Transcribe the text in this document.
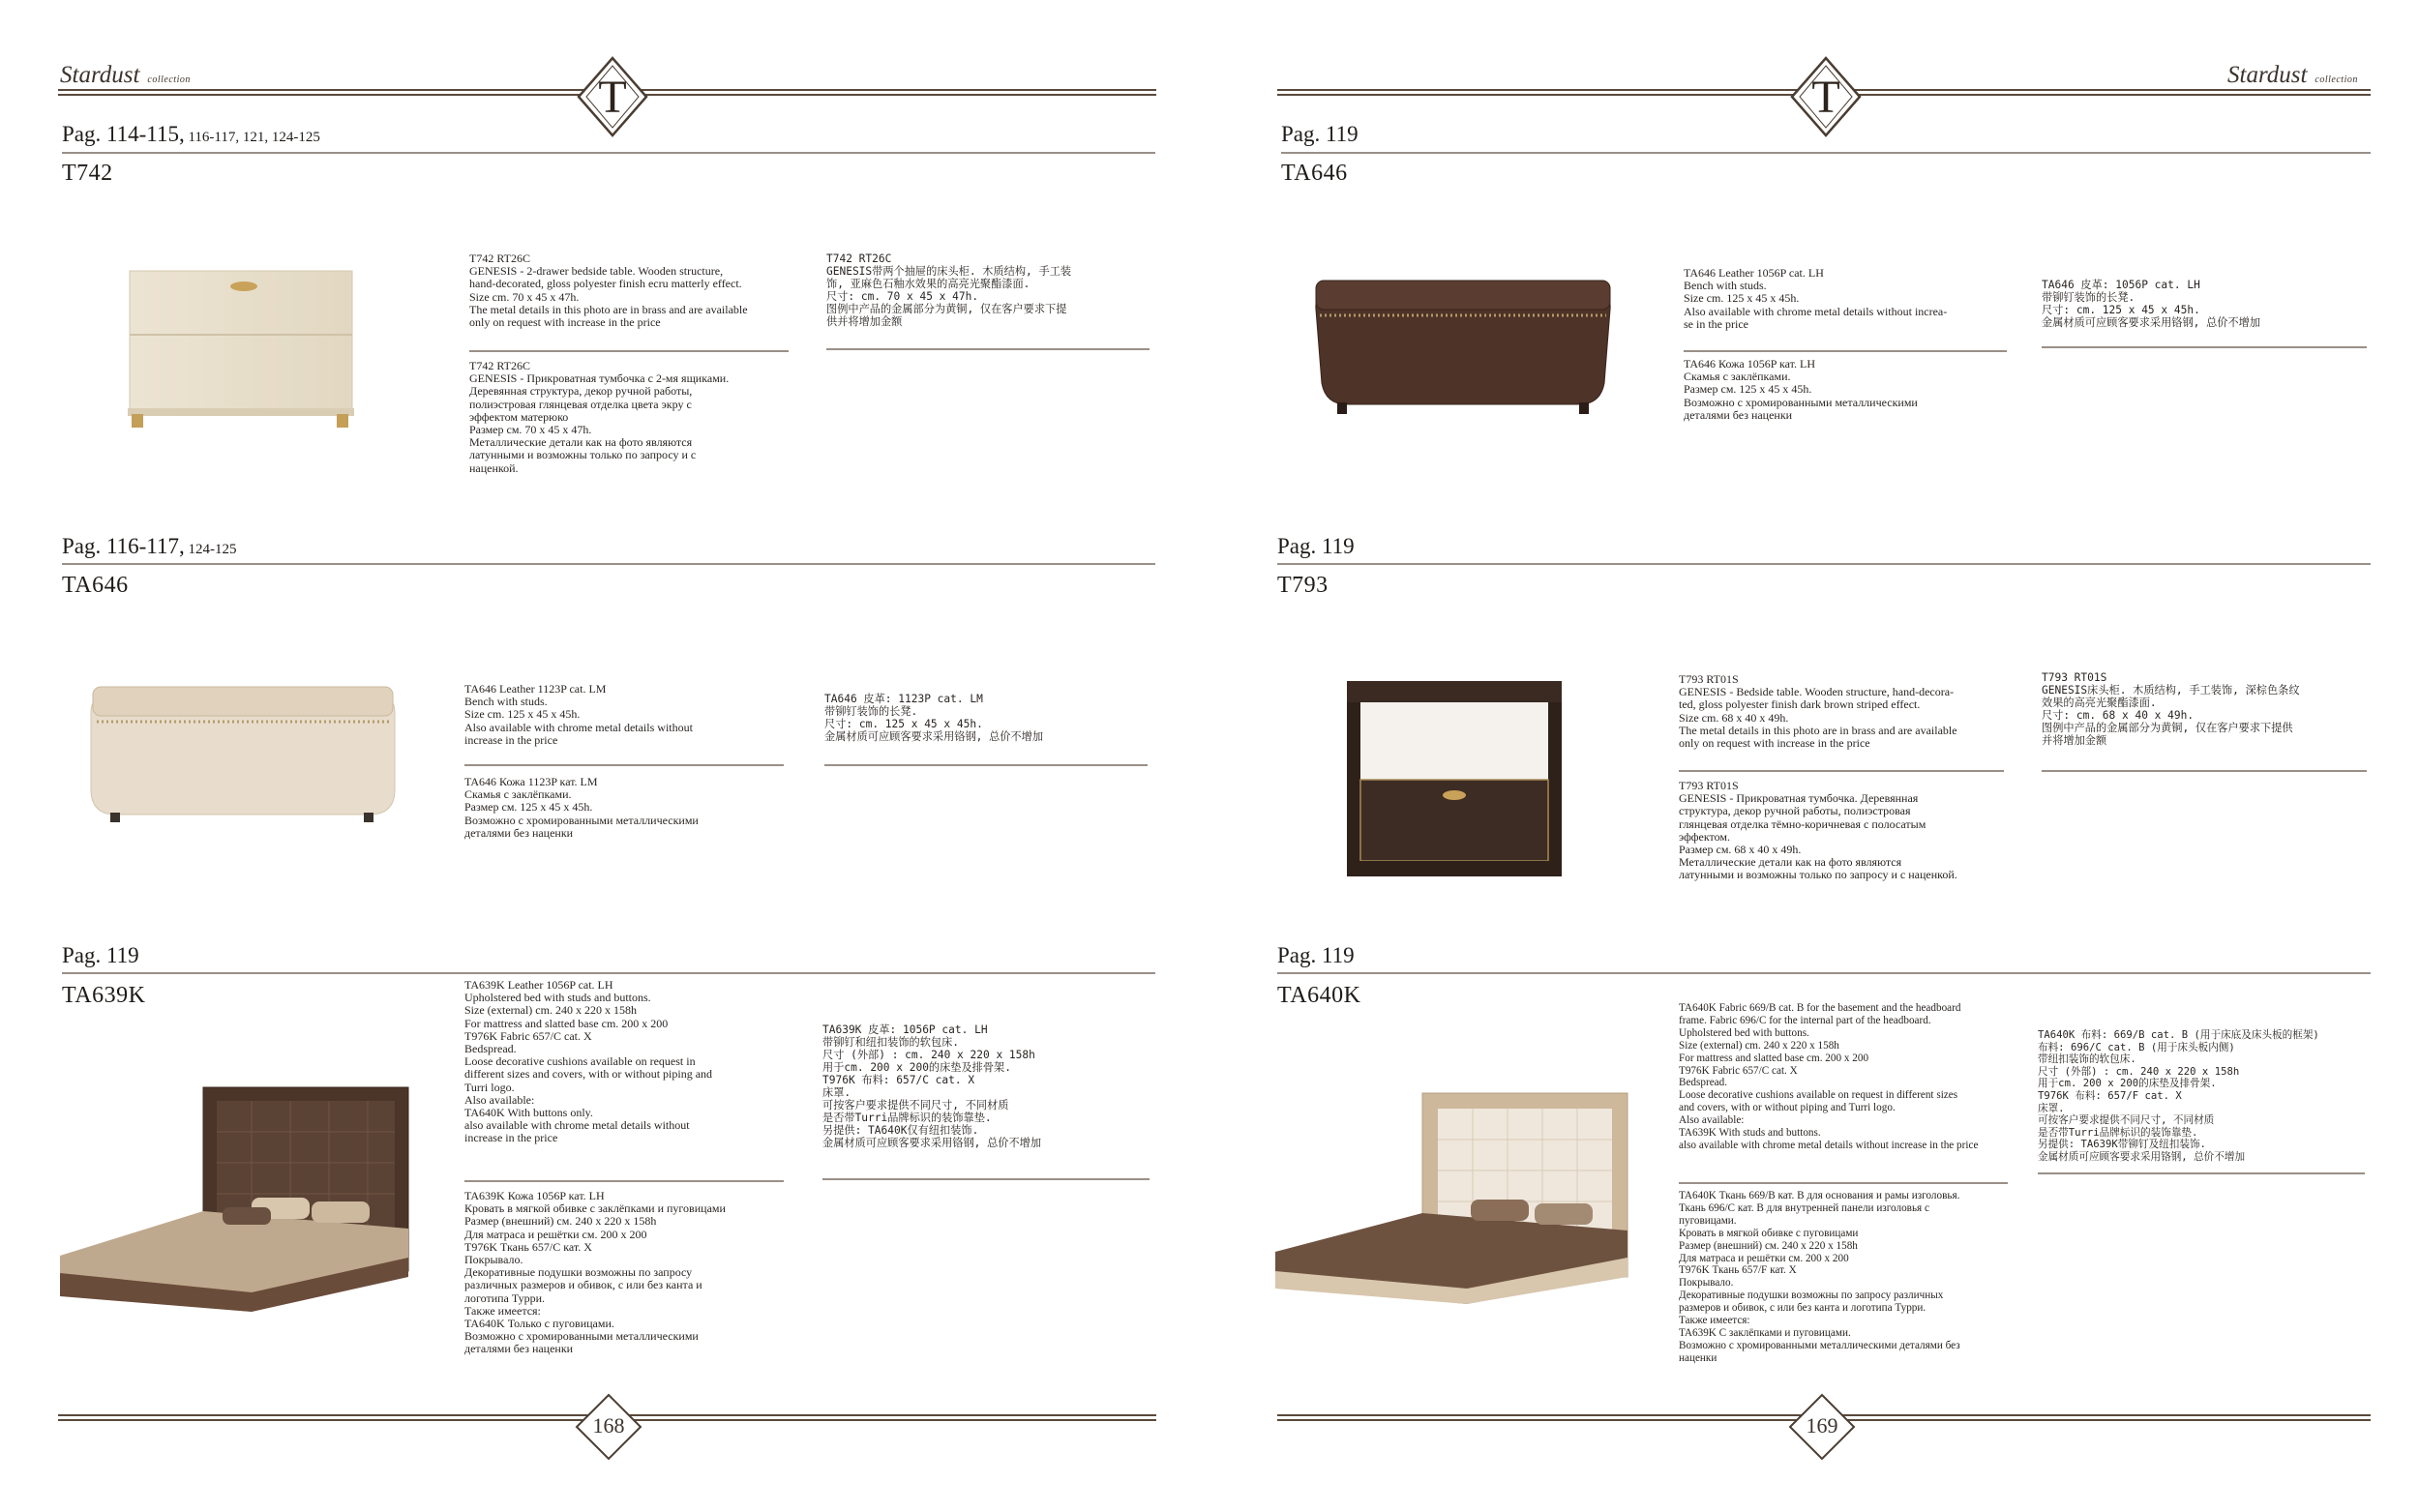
Stardust collection	Stardust collection
T	T
Pag. 114-115, 116-117, 121, 124-125
T742
T742 RT26C
GENESIS - 2-drawer bedside table. Wooden structure,
hand-decorated, gloss polyester finish ecru matterly effect.
Size cm. 70 x 45 x 47h.
The metal details in this photo are in brass and are available
only on request with increase in the price
T742 RT26C
GENESIS - Прикроватная тумбочка с 2-мя ящиками.
Деревянная структура, декор ручной работы,
полиэстровая глянцевая отделка цвета экру с
эффектом матерюко
Размер см. 70 x 45 x 47h.
Металлические детали как на фото являются
латунными и возможны только по запросу и с
наценкой.
T742 RT26C
GENESIS带两个抽屉的床头柜. 木质结构, 手工装
饰, 亚麻色石釉水效果的高亮光聚酯漆面.
尺寸: cm. 70 x 45 x 47h.
图例中产品的金属部分为黄铜, 仅在客户要求下提
供并将增加金额
Pag. 116-117, 124-125
TA646
TA646 Leather 1123P cat. LM
Bench with studs.
Size cm. 125 x 45 x 45h.
Also available with chrome metal details without
increase in the price
TA646 Кожа 1123P кат. LM
Скамья с заклёпками.
Размер см. 125 x 45 x 45h.
Возможно с хромированными металлическими
деталями без наценки
TA646 皮革: 1123P cat. LM
带铆钉装饰的长凳.
尺寸: cm. 125 x 45 x 45h.
金属材质可应顾客要求采用铬钢, 总价不增加
Pag. 119
TA639K	TA639K Leather 1056P cat. LH
Upholstered bed with studs and buttons.
Size (external) cm. 240 x 220 x 158h
For mattress and slatted base cm. 200 x 200
T976K Fabric 657/C cat. X
Bedspread.
Loose decorative cushions available on request in
different sizes and covers, with or without piping and
Turri logo.
Also available:
TA640K With buttons only.
also available with chrome metal details without
increase in the price
TA639K Кожа 1056P кат. LH
Кровать в мягкой обивке с заклёпками и пуговицами
Размер (внешний) см. 240 x 220 x 158h
Для матраса и решётки см. 200 x 200
T976K Ткань 657/C кат. X
Покрывало.
Декоративные подушки возможны по запросу
различных размеров и обивок, с или без канта и
логотипа Турри.
Также имеется:
TA640K Только с пуговицами.
Возможно с хромированными металлическими
деталями без наценки
TA639K 皮革: 1056P cat. LH
带铆钉和纽扣装饰的软包床.
尺寸 (外部) : cm. 240 x 220 x 158h
用于cm. 200 x 200的床垫及排骨架.
T976K 布料: 657/C cat. X
床罩.
可按客户要求提供不同尺寸, 不同材质
是否带Turri品牌标识的装饰靠垫.
另提供: TA640K仅有纽扣装饰.
金属材质可应顾客要求采用铬钢, 总价不增加
168
Pag. 119
TA646
TA646 Leather 1056P cat. LH
Bench with studs.
Size cm. 125 x 45 x 45h.
Also available with chrome metal details without increa-
se in the price
TA646 Кожа 1056P кат. LH
Скамья с заклёпками.
Размер см. 125 x 45 x 45h.
Возможно с хромированными металлическими
деталями без наценки
TA646 皮革: 1056P cat. LH
带铆钉装饰的长凳.
尺寸: cm. 125 x 45 x 45h.
金属材质可应顾客要求采用铬钢, 总价不增加
Pag. 119
T793
T793 RT01S
GENESIS - Bedside table. Wooden structure, hand-decora-
ted, gloss polyester finish dark brown striped effect.
Size cm. 68 x 40 x 49h.
The metal details in this photo are in brass and are available
only on request with increase in the price
T793 RT01S
GENESIS - Прикроватная тумбочка. Деревянная
структура, декор ручной работы, полиэстровая
глянцевая отделка тёмно-коричневая с полосатым
эффектом.
Размер см. 68 x 40 x 49h.
Металлические детали как на фото являются
латунными и возможны только по запросу и с наценкой.
T793 RT01S
GENESIS床头柜. 木质结构, 手工装饰, 深棕色条纹
效果的高亮光聚酯漆面.
尺寸: cm. 68 x 40 x 49h.
图例中产品的金属部分为黄铜, 仅在客户要求下提供
并将增加金额
Pag. 119
TA640K	TA640K Fabric 669/B cat. B for the basement and the headboard
frame. Fabric 696/C for the internal part of the headboard.
Upholstered bed with buttons.
Size (external) cm. 240 x 220 x 158h
For mattress and slatted base cm. 200 x 200
T976K Fabric 657/C cat. X
Bedspread.
Loose decorative cushions available on request in different sizes
and covers, with or without piping and Turri logo.
Also available:
TA639K With studs and buttons.
also available with chrome metal details without increase in the price
TA640K Ткань 669/B кат. B для основания и рамы изголовья.
Ткань 696/C кат. B для внутренней панели изголовья с
пуговицами.
Кровать в мягкой обивке с пуговицами
Размер (внешний) см. 240 x 220 x 158h
Для матраса и решётки см. 200 x 200
T976K Ткань 657/F кат. X
Покрывало.
Декоративные подушки возможны по запросу различных
размеров и обивок, с или без канта и логотипа Турри.
Также имеется:
TA639K С заклёпками и пуговицами.
Возможно с хромированными металлическими деталями без
наценки
TA640K 布料: 669/B cat. B (用于床底及床头板的框架)
布料: 696/C cat. B (用于床头板内侧)
带纽扣装饰的软包床.
尺寸 (外部) : cm. 240 x 220 x 158h
用于cm. 200 x 200的床垫及排骨架.
T976K 布料: 657/F cat. X
床罩.
可按客户要求提供不同尺寸, 不同材质
是否带Turri品牌标识的装饰靠垫.
另提供: TA639K带铆钉及纽扣装饰.
金属材质可应顾客要求采用铬钢, 总价不增加
169
